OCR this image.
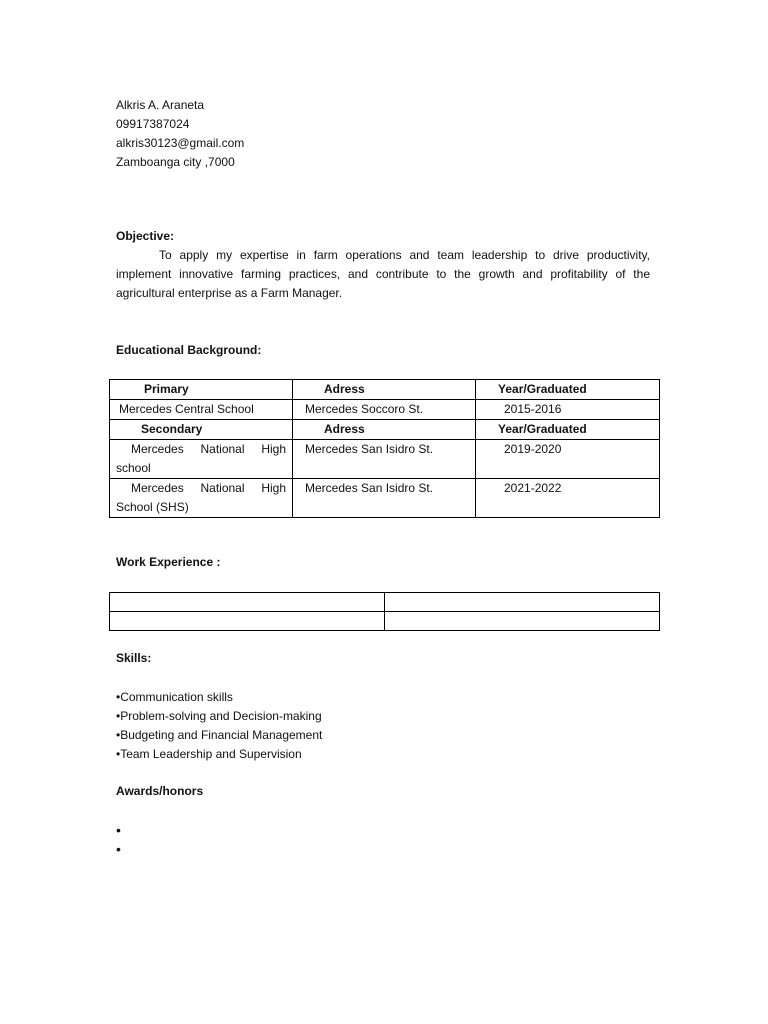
Alkris A. Araneta
09917387024
alkris30123@gmail.com
Zamboanga city ,7000
Objective:
To apply my expertise in farm operations and team leadership to drive productivity, implement innovative farming practices, and contribute to the growth and profitability of the agricultural enterprise as a Farm Manager.
Educational Background:
Primary	Adress	Year/Graduated
Mercedes Central School	Mercedes Soccoro St.	2015-2016
Secondary	Adress	Year/Graduated

Mercedes National High
school	Mercedes San Isidro St.	2019-2020

Mercedes National High
School (SHS)	Mercedes San Isidro St.	2021-2022
Work Experience :

Skills:
•Communication skills
•Problem-solving and Decision-making
•Budgeting and Financial Management
•Team Leadership and Supervision
Awards/honors
•
•
